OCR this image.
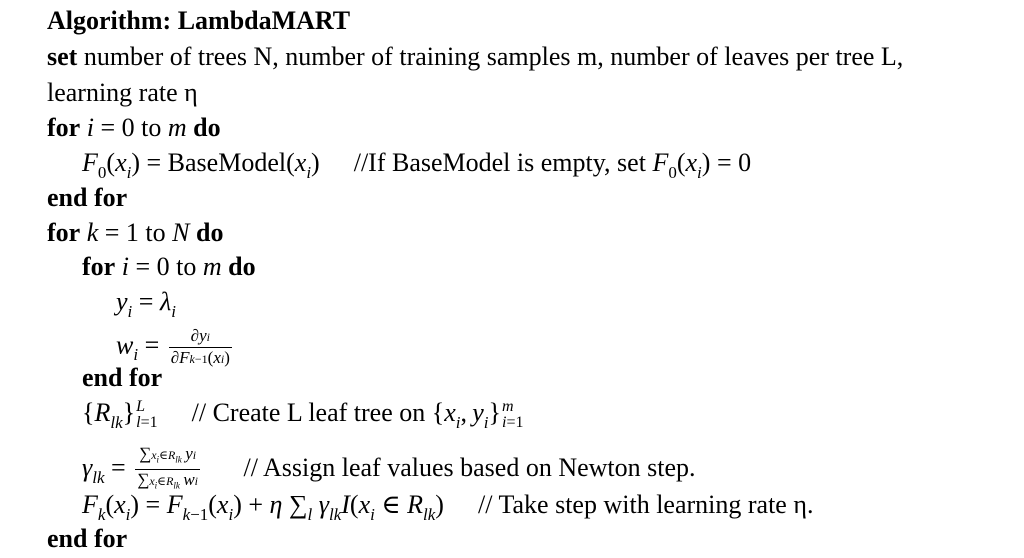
Algorithm: LambdaMART
set number of trees N, number of training samples m, number of leaves per tree L,
learning rate η
for i = 0 to m do
$F_0(x_i)$ = $BaseModel(x_i)$ //If BaseModel is empty, set $F_0(x_i) = 0$
end for
for k = 1 to N do
for i = 0 to m do
$y_i = \lambda_i$
$w_i = \frac{\partial yi}{\partial Fk-1(xi)}$
end for
$\{R_{lk}\}$ L
l=1 // Create L leaf tree on {$x_i$, $y_i$} m
i=1
$\gamma_{lk} = \frac{\sum x_i\in R_{lk} yi}{\sum x_i\in R_{lk} wi}$ // Assign leaf values based on Newton step.
$F_k(x_i) = F_{k-1}(x_i) + \eta$ $\sum_l$ $\gamma_{lk}I(x_i$ ∈ $R_{lk}$) // Take step with learning rate η.
end for
